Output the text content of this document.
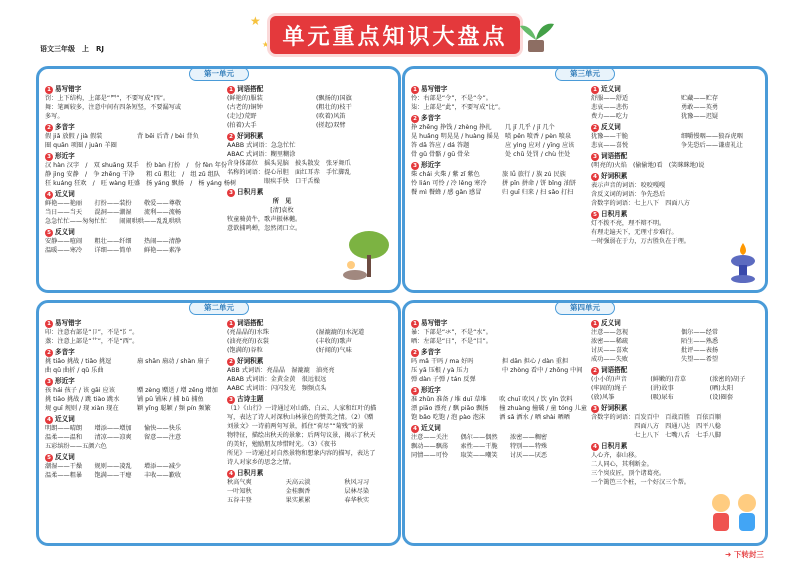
语文三年级　上　RJ
★
★ 单元重点知识大盘点
第一单元
1 易写错字
罚：上下结构，上部是“罒”，不要写成“四”。
舞：笔画较多，注意中间有四条短竖，不要漏写或
多写。
2 多音字
假 jiǎ 放假 / jià 假装	背 bēi 后背 / bèi 背负
圈 quān 项圈 / juàn 羊圈
3 形近字
汉 hàn 汉字　/　双 shuāng 双手 扮 bàn 打扮　/　份 fèn 年份
静 jìng 安静　/　争 zhēng 干净	粗 cū 粗壮　/　组 zǔ 组队
狂 kuáng 狂欢　/　旺 wàng 旺盛 扬 yáng 飘扬　/　杨 yáng 杨树
4 近义词
鲜艳——艳丽　　打扮——装扮　　敬爱——尊敬
当日——当天　　混洞——潮湿　　流利——流畅
急急忙忙——匆匆忙忙　　闹闹哄哄——乱乱哄哄
5 反义词
安静——喧闹　　粗壮——纤细　　热闹——清静
温暖——寒冷　　详细——简单　　鲜艳——素净
1 词语搭配
(鲜艳的)服装	(飘扬的)国旗
(古老的)铜钟	(粗壮的)枝干
(走过)荒野	(吹着)风笛
(拍着)大手	(搓起)双臂
2 好词积累
AABB 式词语：急急忙忙
ABAC 式词语：糊里糊涂
含身体部位　摇头晃脑　披头散发　张牙舞爪
名称的词语：提心吊胆　面红耳赤　手忙脚乱
　　　　　　眼疾手快　口干舌燥
3 日积月累
所　见
[清]袁枚
牧童骑黄牛，歌声振林樾。
意欲捕鸣蝉，忽然闭口立。
第三单元
1 易写错字
怜：右部是“令”，不是“今”。
柒：上部是“此”，不要写成“比”。
2 多音字
挣 zhēng 挣钱 / zhèng 挣扎	几 jǐ 几乎 / jǐ 几个
晃 huǎng 明晃晃 / huàng 摇晃 喷 pēn 喷香 / pèn 喷泉
答 dā 答应 / dá 答题	应 yìng 应对 / yīng 应该
骨 gǔ 骨骼 / gū 骨朵	处 chǔ 处罚 / chù 住处
3 形近字
柴 chái 火柴 / 紫 zǐ 紫色	旅 lǚ 旅行 / 族 zú 民族
怜 lián 可怜 / 冷 lěng 寒冷	拼 pīn 拼命 / 饼 bǐng 油饼
餐 mì 餐蜂 / 感 gǎn 感冒	归 guī 归来 / 扫 sǎo 打扫
1 近义词
舒服——舒适	贮藏——贮存
悲哀——悲伤	勇敢——英勇
费力——吃力	犹豫——迟疑
2 反义词
犹豫——干脆	细嚼慢咽——狼吞虎咽
悲哀——喜悦	争先恐后——谦虚礼让
3 词语搭配
(明亮的)火焰　(偷偷地)看　(笑眯眯地)说
4 好词积累
表示声音的词语：咬咬嘎嘎
含反义词的词语：争先恐后
含数字的词语：七上八下　四面八方
5 日积月累
灯不拨不亮，理不辩不明。
有理走遍天下，无理寸步难行。
一时强弱在于力，万古胜负在于理。
第二单元
1 易写错字
印：注意右部是“卩”，不是“阝”。
蒸：注意上部是“艹”，不是“西”。
2 多音字
挑 tiāo 挑战 / tiǎo 挑逗	扇 shān 扇动 / shàn 扇子
曲 qū 曲折 / qǔ 乐曲
3 形近字
孩 hái 孩子 / 该 gāi 应该	赠 zèng 赠送 / 增 zēng 增加
挑 tiāo 挑战 / 跳 tiào 跳水	铺 pū 铺床 / 捕 bǔ 捕鱼
规 guī 规则 / 现 xiàn 现在	颖 yǐng 聪颖 / 频 pín 频繁
4 近义词
明朗——晴朗　　增添——增加　　愉快——快乐
温柔——温和　　清凉——凉爽　　留意——注意
五彩缤纷——五颜六色
5 反义词
潮湿——干燥　　规则——凌乱　　增添——减少
温柔——粗暴　　饱满——干瘪　　丰收——歉收
1 词语搭配
(亮晶晶的)水珠	(湿漉漉的)水泥道
(油亮亮的)衣裳	(丰收的)歌声
(饱满的)谷粒	(好闻的)气味
2 好词积累
ABB 式词语：亮晶晶　湿漉漉　油亮亮
ABAB 式词语：金黄金黄　很远很远
AABC 式词语：闪闪发光　频频点头
3 古诗主题
（1）《山行》一诗通过对山路、白云、人家和红叶的描
写，表达了诗人对深秋山林景色的赞美之情。（2）《赠
刘景文》一诗前两句写景，抓住“荷尽”“菊残”的景
物特征，描绘出秋天的景象；后两句议景，揭示了秋天
的美好，勉励朋友珍惜时光。（3）《夜书
所见》一诗通过对自然景物和想象内容的描写，表达了
诗人对家乡的思念之情。
4 日积月累
秋高气爽	天高云淡	秋风习习
一叶知秋	金桂飘香	层林尽染
五谷丰登	果实累累	春华秋实
第四单元
1 易写错字
暴：下部是“氺”，不是“水”。
晒：左部是“日”，不是“目”。
2 多音字
吗 mǎ 干吗 / ma 好吗	担 dān 担心 / dàn 重担
压 yā 压根 / yà 压力	中 zhòng 看中 / zhōng 中间
弹 dàn 子弹 / tán 反弹
3 形近字
准 zhǔn 准备 / 堆 duī 草堆	吹 chuī 吹风 / 饮 yǐn 饮料
漂 piāo 漂亮 / 飘 piāo 飘扬	撞 zhuàng 撞破 / 童 tóng 儿童
饱 bǎo 吃饱 / 泡 pào 泡沫	洒 sǎ 洒水 / 晒 shài 晒晒
4 近义词
注意——关注　　偶尔——偶然　　浓密——稠密
飘动——飘荡　　索性——干脆　　特别——特殊
同情——可怜　　取笑——嘲笑　　讨厌——厌恶
1 反义词
注意——忽视	偶尔——经常
浓密——稀疏	陌生——熟悉
讨厌——喜欢	批评——表扬
成功——失败	失望——希望
2 词语搭配
(小小的)声音	(鲜嫩的)青草	(浓密的)胡子
(牢固的)绳子	(讲)故事	(晒)太阳
(放)风筝	(吸)尿布	(设)圈套
3 好词积累
含数字的词语：百发百中　百战百胜　百依百顺
　　　　　　　四面八方　四通八达　四平八稳
　　　　　　　七上八下　七嘴八舌　七手八脚
4 日积月累
人心齐，泰山移。
二人同心，其利断金。
三个臭皮匠，顶个诸葛亮。
一个篱笆三个桩，一个好汉三个帮。
➜ 下转封三
